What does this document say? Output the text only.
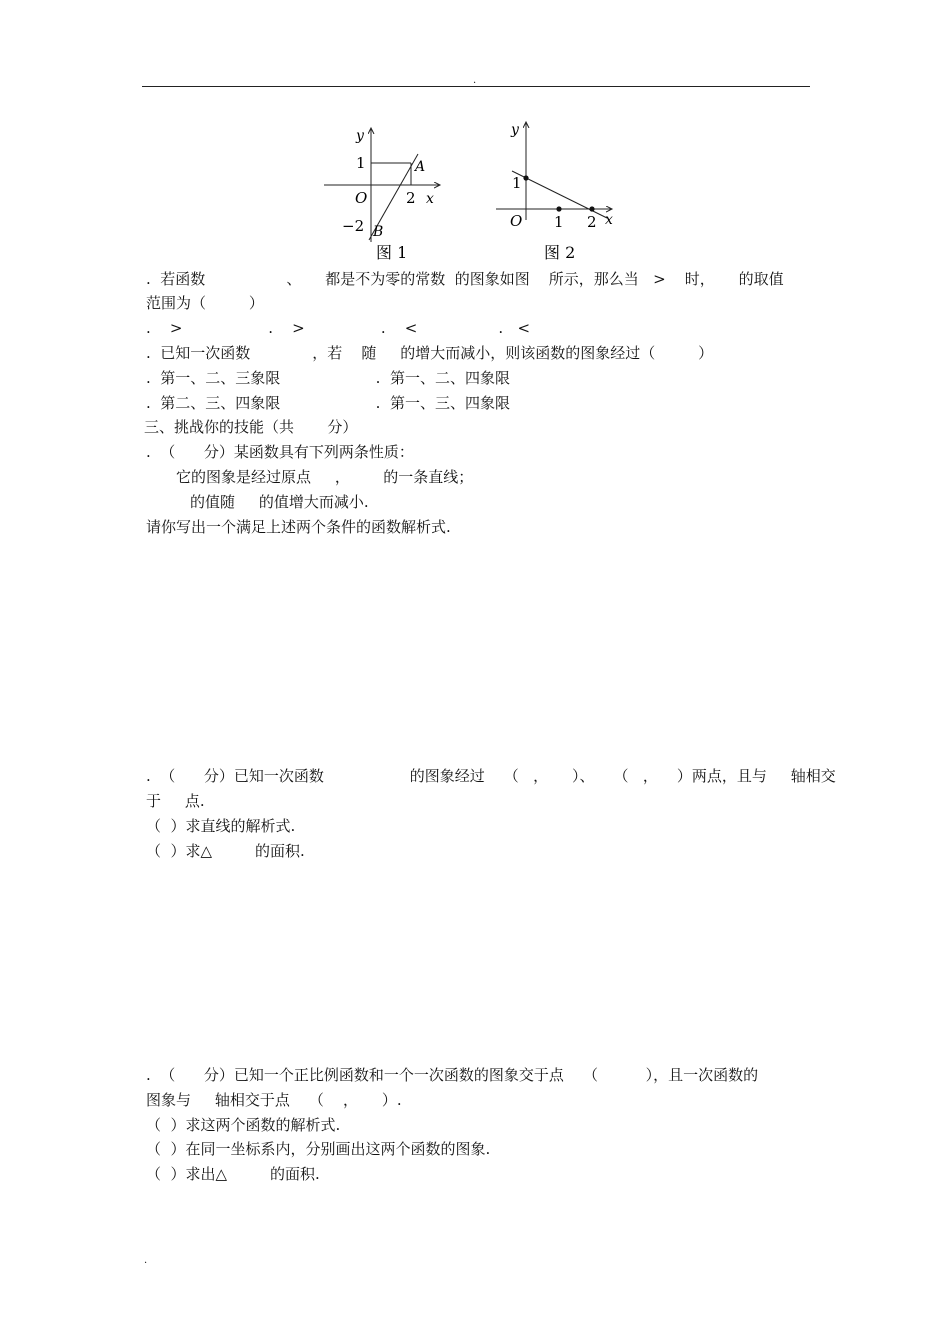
.
y
1	A
O	2 x
−2 B
图 1
y
1
O 1 2 x
图 2
.  若函数                 、     都是不为零的常数  的图象如图    所示，那么当   >    时，     的取值
范围为（         ）
.    >                  .    >                .    <                 .   <
.  已知一次函数             ，若    随     的增大而减小，则该函数的图象经过（         ）
.  第一、二、三象限                    .  第一、二、四象限
.  第二、三、四象限                    .  第一、三、四象限
三、挑战你的技能（共       分）
.  （      分）某函数具有下列两条性质：
它的图象是经过原点     ，       的一条直线；
的值随     的值增大而减小.
请你写出一个满足上述两个条件的函数解析式.
.  （      分）已知一次函数                  的图象经过    （   ，     ）、    （   ，    ）两点，且与     轴相交
于     点.
（  ）求直线的解析式.
（  ）求△         的面积.
.  （      分）已知一个正比例函数和一个一次函数的图象交于点    （          ），且一次函数的
图象与     轴相交于点    （    ，     ）.
（  ）求这两个函数的解析式.
（  ）在同一坐标系内，分别画出这两个函数的图象.
（  ）求出△         的面积.
.
